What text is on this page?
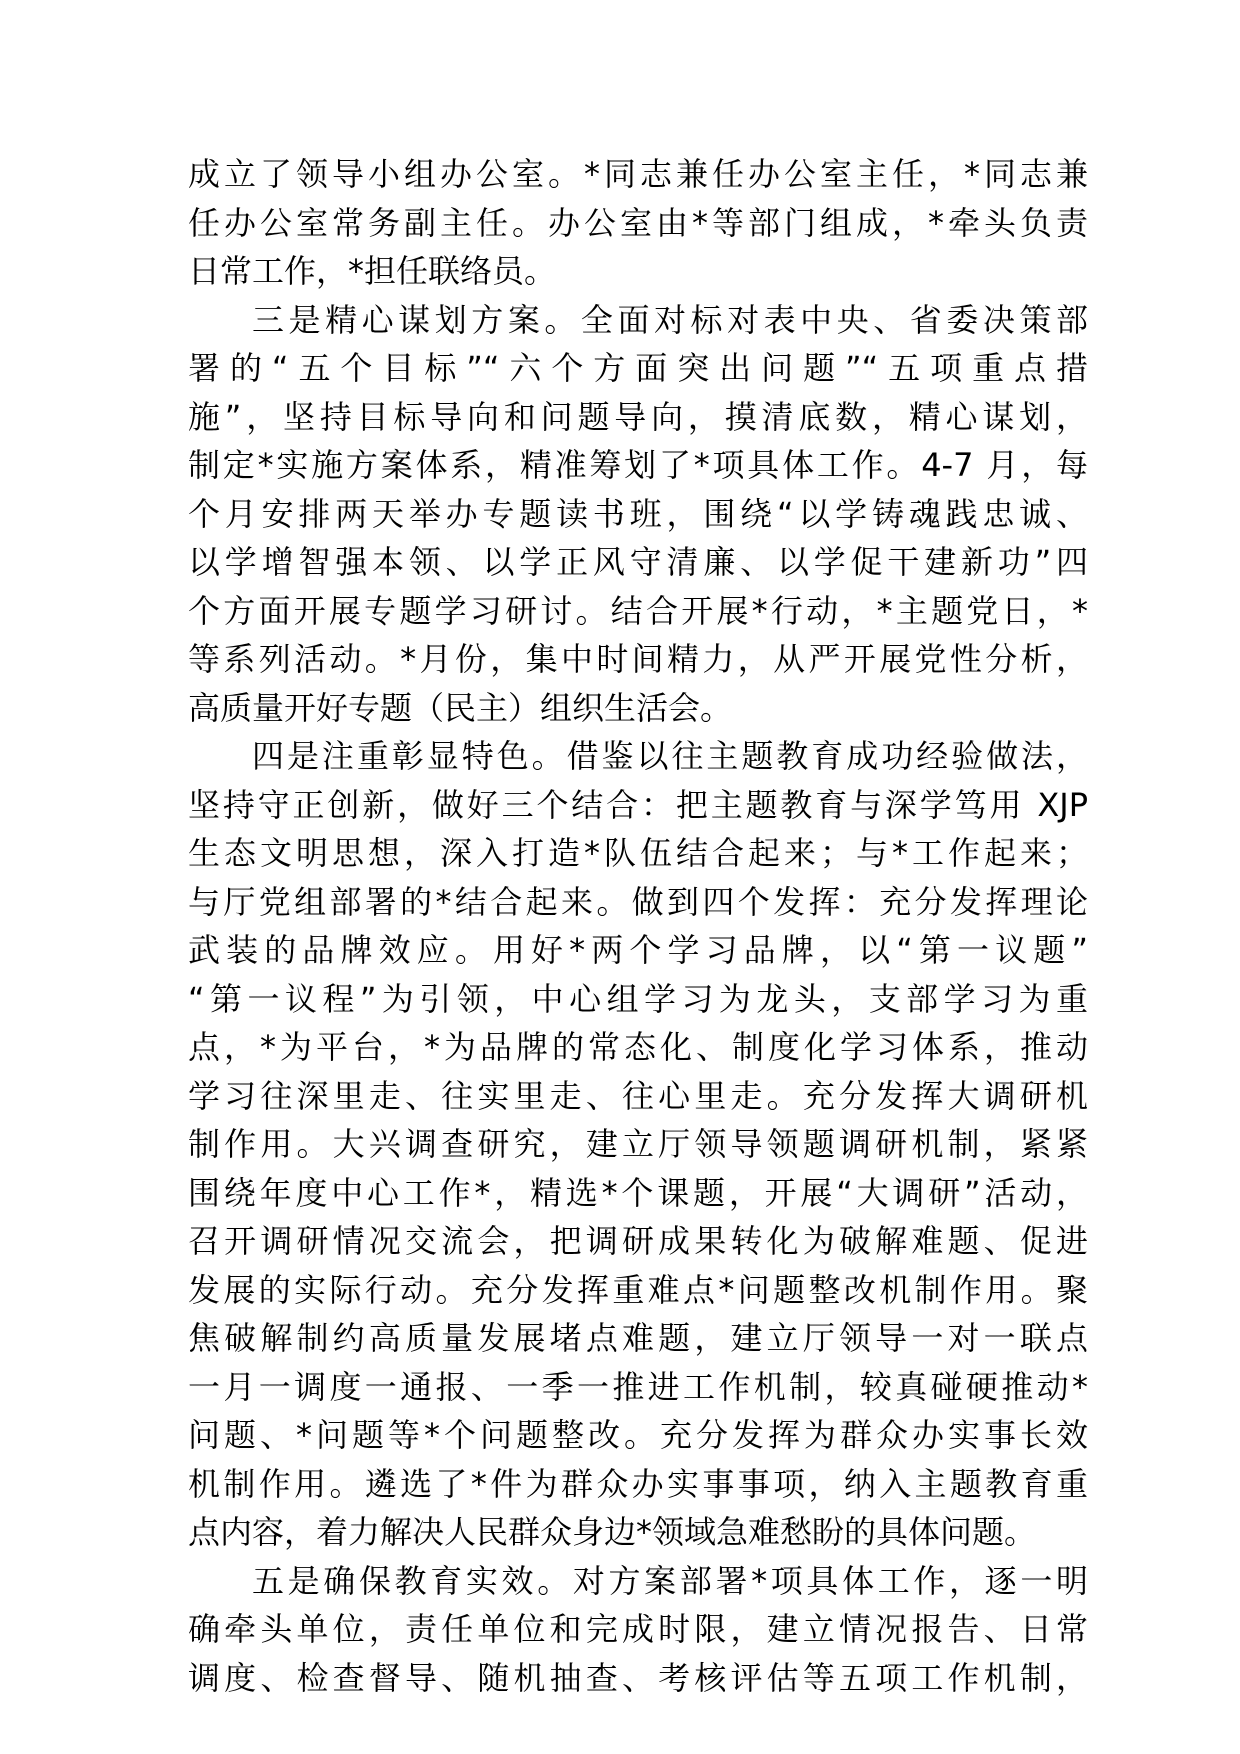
成立了领导小组办公室。*同志兼任办公室主任，*同志兼
任办公室常务副主任。办公室由*等部门组成，*牵头负责
日常工作，*担任联络员。
三是精心谋划方案。全面对标对表中央、省委决策部
署的“五个目标”“六个方面突出问题”“五项重点措
施”，坚持目标导向和问题导向，摸清底数，精心谋划，
制定*实施方案体系，精准筹划了*项具体工作。4-7 月，每
个月安排两天举办专题读书班，围绕“以学铸魂践忠诚、
以学增智强本领、以学正风守清廉、以学促干建新功”四
个方面开展专题学习研讨。结合开展*行动，*主题党日，*
等系列活动。*月份，集中时间精力，从严开展党性分析，
高质量开好专题（民主）组织生活会。
四是注重彰显特色。借鉴以往主题教育成功经验做法，
坚持守正创新，做好三个结合：把主题教育与深学笃用 XJP
生态文明思想，深入打造*队伍结合起来；与*工作起来；
与厅党组部署的*结合起来。做到四个发挥：充分发挥理论
武装的品牌效应。用好*两个学习品牌，以“第一议题”
“第一议程”为引领，中心组学习为龙头，支部学习为重
点，*为平台，*为品牌的常态化、制度化学习体系，推动
学习往深里走、往实里走、往心里走。充分发挥大调研机
制作用。大兴调查研究，建立厅领导领题调研机制，紧紧
围绕年度中心工作*，精选*个课题，开展“大调研”活动，
召开调研情况交流会，把调研成果转化为破解难题、促进
发展的实际行动。充分发挥重难点*问题整改机制作用。聚
焦破解制约高质量发展堵点难题，建立厅领导一对一联点
一月一调度一通报、一季一推进工作机制，较真碰硬推动*
问题、*问题等*个问题整改。充分发挥为群众办实事长效
机制作用。遴选了*件为群众办实事事项，纳入主题教育重
点内容，着力解决人民群众身边*领域急难愁盼的具体问题。
五是确保教育实效。对方案部署*项具体工作，逐一明
确牵头单位，责任单位和完成时限，建立情况报告、日常
调度、检查督导、随机抽查、考核评估等五项工作机制，
